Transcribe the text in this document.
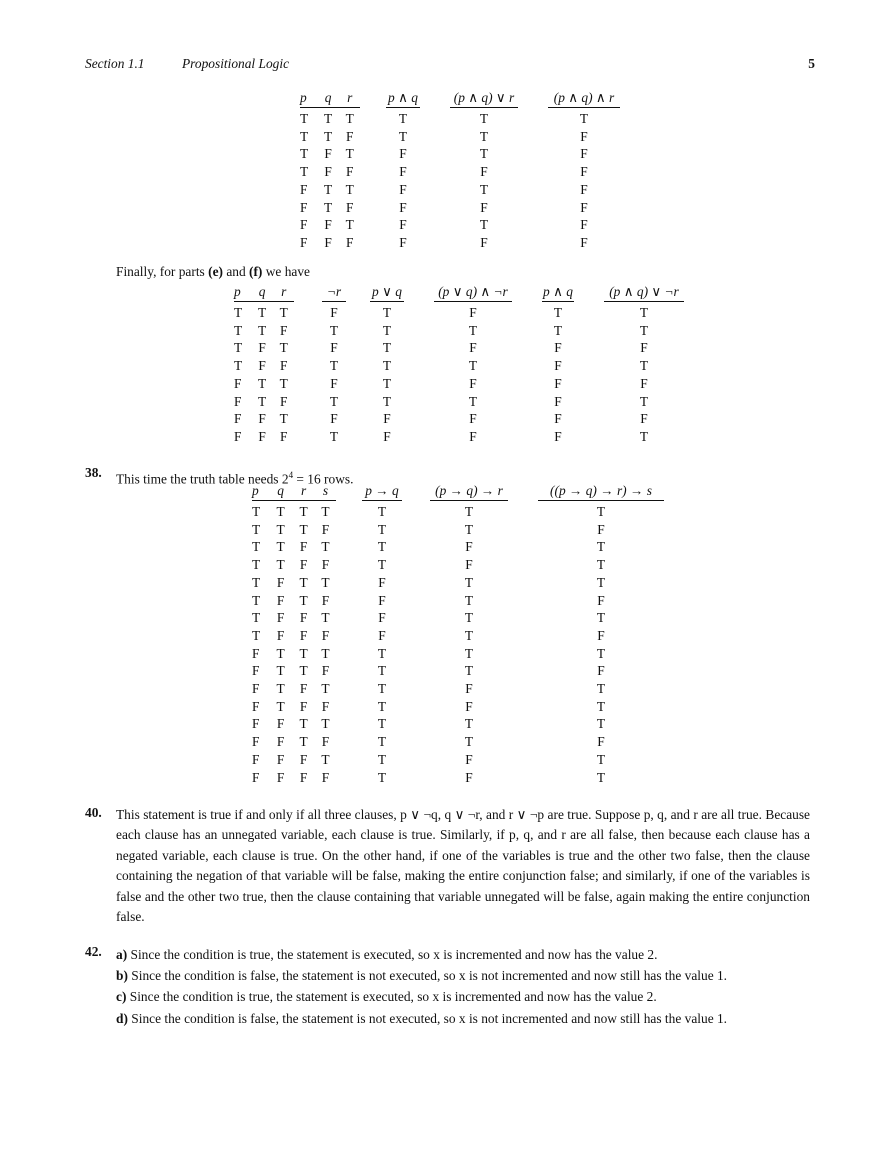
Section 1.1	Propositional Logic	5
p q r		p ∧ q		(p ∧ q) ∨ r		(p ∧ q) ∧ r

T T T		T		T		T

T T F		T		T		F

T F T		F		T		F

T F F		F		F		F

F T T		F		T		F

F T F		F		F		F

F F T		F		T		F

F F F		F		F		F
Finally, for parts (e) and (f) we have
p q r		¬r		p ∨ q		(p ∨ q) ∧ ¬r		p ∧ q		(p ∧ q) ∨ ¬r

T T T		F		T		F		T		T

T T F		T		T		T		T		T

T F T		F		T		F		F		F

T F F		T		T		T		F		T

F T T		F		T		F		F		F

F T F		T		T		T		F		T

F F T		F		F		F		F		F

F F F		T		F		F		F		T
38. This time the truth table needs $2^4 = 16$ rows.
p q r s		p → q		(p → q) → r		((p → q) → r) → s

T T T T		T		T		T

T T T F		T		T		F

T T F T		T		F		T

T T F F		T		F		T

T F T T		F		T		T

T F T F		F		T		F

T F F T		F		T		T

T F F F		F		T		F

F T T T		T		T		T

F T T F		T		T		F

F T F T		T		F		T

F T F F		T		F		T

F F T T		T		T		T

F F T F		T		T		F

F F F T		T		F		T

F F F F		T		F		T
40. This statement is true if and only if all three clauses, p ∨ ¬q, q ∨ ¬r, and r ∨ ¬p are true. Suppose p, q, and r are all true. Because each clause has an unnegated variable, each clause is true. Similarly, if p, q, and r are all false, then because each clause has a negated variable, each clause is true. On the other hand, if one of the variables is true and the other two false, then the clause containing the negation of that variable will be false, making the entire conjunction false; and similarly, if one of the variables is false and the other two true, then the clause containing that variable unnegated will be false, again making the entire conjunction false.
42. a) Since the condition is true, the statement is executed, so x is incremented and now has the value 2.
b) Since the condition is false, the statement is not executed, so x is not incremented and now still has the value 1.
c) Since the condition is true, the statement is executed, so x is incremented and now has the value 2.
d) Since the condition is false, the statement is not executed, so x is not incremented and now still has the value 1.
